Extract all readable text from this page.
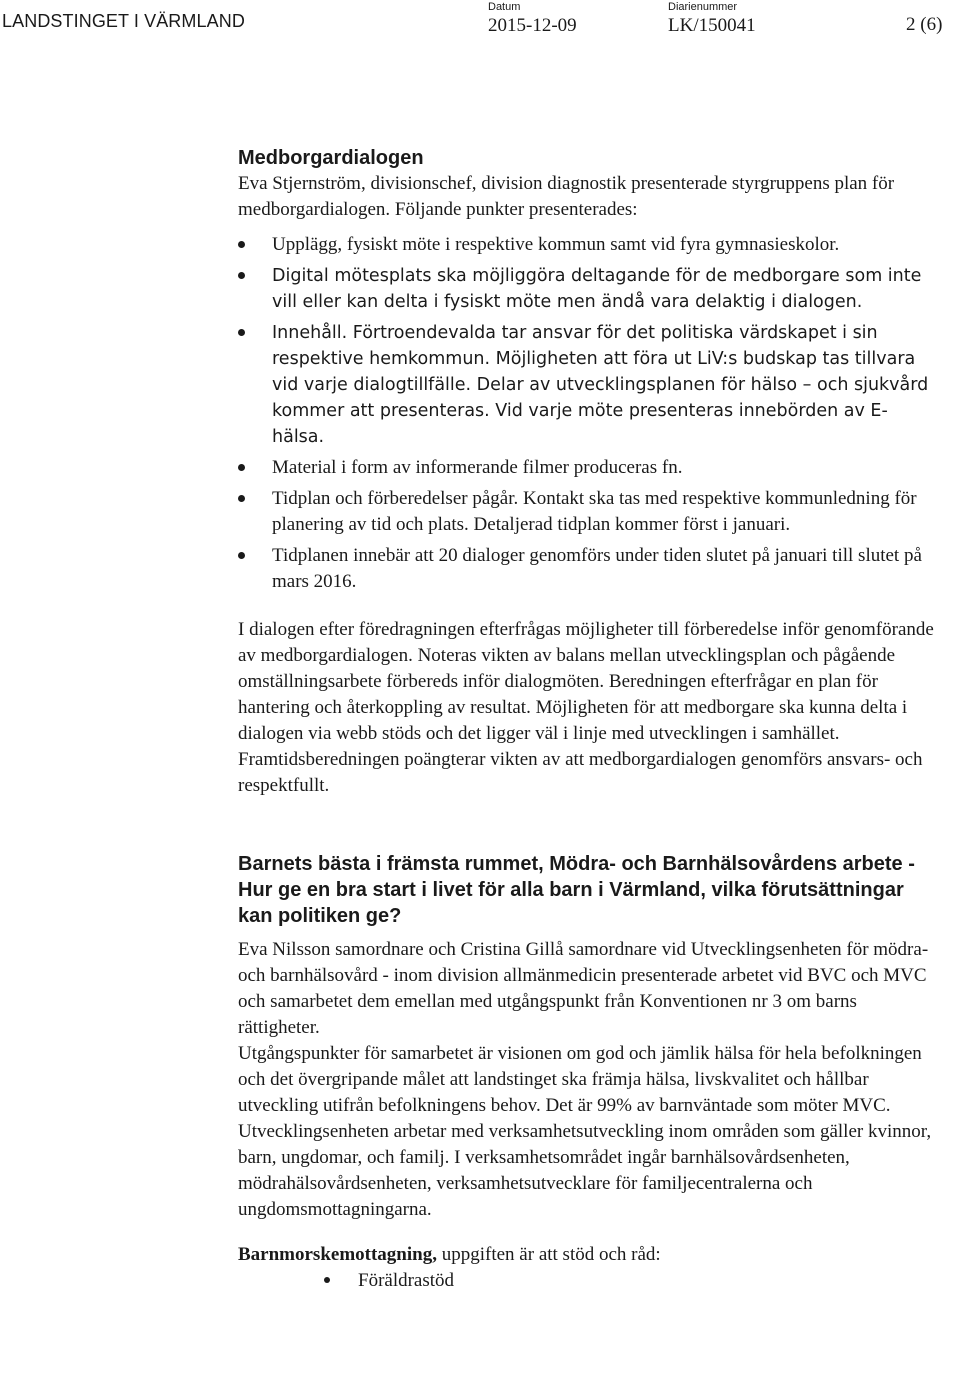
LANDSTINGET I VÄRMLAND
Datum
2015-12-09
Diarienummer
LK/150041	2 (6)
Medborgardialogen
Eva Stjernström, divisionschef, division diagnostik presenterade styrgruppens plan för medborgardialogen. Följande punkter presenterades:
Upplägg, fysiskt möte i respektive kommun samt vid fyra gymnasieskolor.
Digital mötesplats ska möjliggöra deltagande för de medborgare som inte vill eller kan delta i fysiskt möte men ändå vara delaktig i dialogen.
Innehåll. Förtroendevalda tar ansvar för det politiska värdskapet i sin respektive hemkommun. Möjligheten att föra ut LiV:s budskap tas tillvara vid varje dialogtillfälle. Delar av utvecklingsplanen för hälso – och sjukvård kommer att presenteras. Vid varje möte presenteras innebörden av E-hälsa.
Material i form av informerande filmer produceras fn.
Tidplan och förberedelser pågår. Kontakt ska tas med respektive kommunledning för planering av tid och plats. Detaljerad tidplan kommer först i januari.
Tidplanen innebär att 20 dialoger genomförs under tiden slutet på januari till slutet på mars 2016.
I dialogen efter föredragningen efterfrågas möjligheter till förberedelse inför genomförande av medborgardialogen. Noteras vikten av balans mellan utvecklingsplan och pågående omställningsarbete förbereds inför dialogmöten. Beredningen efterfrågar en plan för hantering och återkoppling av resultat. Möjligheten för att medborgare ska kunna delta i dialogen via webb stöds och det ligger väl i linje med utvecklingen i samhället. Framtidsberedningen poängterar vikten av att medborgardialogen genomförs ansvars- och respektfullt.
Barnets bästa i främsta rummet, Mödra- och Barnhälsovårdens arbete - Hur ge en bra start i livet för alla barn i Värmland, vilka förutsättningar kan politiken ge?
Eva Nilsson samordnare och Cristina Gillå samordnare vid Utvecklingsenheten för mödra- och barnhälsovård - inom division allmänmedicin presenterade arbetet vid BVC och MVC och samarbetet dem emellan med utgångspunkt från Konventionen nr 3 om barns rättigheter.
Utgångspunkter för samarbetet är visionen om god och jämlik hälsa för hela befolkningen och det övergripande målet att landstinget ska främja hälsa, livskvalitet och hållbar utveckling utifrån befolkningens behov. Det är 99% av barnväntade som möter MVC.
Utvecklingsenheten arbetar med verksamhetsutveckling inom områden som gäller kvinnor, barn, ungdomar, och familj. I verksamhetsområdet ingår barnhälsovårdsenheten, mödrahälsovårdsenheten, verksamhetsutvecklare för familjecentralerna och ungdomsmottagningarna.
Barnmorskemottagning, uppgiften är att stöd och råd:
Föräldrastöd
